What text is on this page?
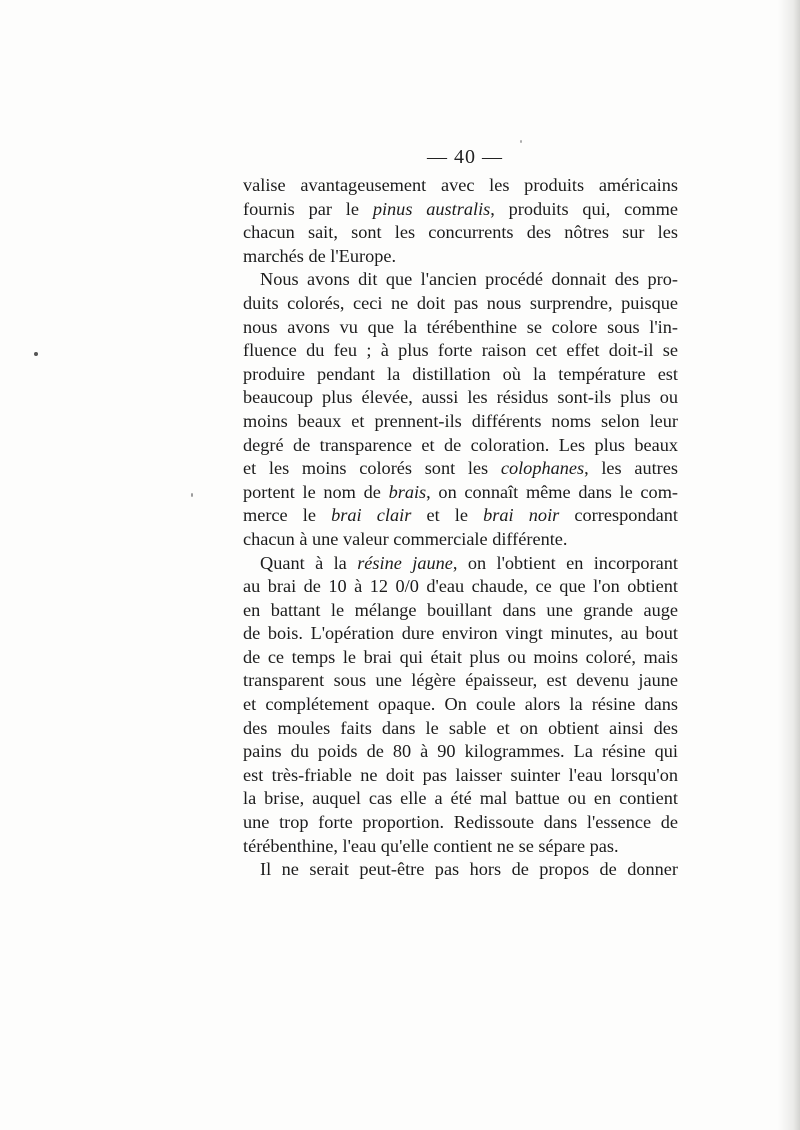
— 40 —
valise avantageusement avec les produits américains
fournis par le pinus australis, produits qui, comme
chacun sait, sont les concurrents des nôtres sur les
marchés de l'Europe.
Nous avons dit que l'ancien procédé donnait des pro-
duits colorés, ceci ne doit pas nous surprendre, puisque
nous avons vu que la térébenthine se colore sous l'in-
fluence du feu ; à plus forte raison cet effet doit-il se
produire pendant la distillation où la température est
beaucoup plus élevée, aussi les résidus sont-ils plus ou
moins beaux et prennent-ils différents noms selon leur
degré de transparence et de coloration. Les plus beaux
et les moins colorés sont les colophanes, les autres
portent le nom de brais, on connaît même dans le com-
merce le brai clair et le brai noir correspondant
chacun à une valeur commerciale différente.
Quant à la résine jaune, on l'obtient en incorporant
au brai de 10 à 12 0/0 d'eau chaude, ce que l'on obtient
en battant le mélange bouillant dans une grande auge
de bois. L'opération dure environ vingt minutes, au bout
de ce temps le brai qui était plus ou moins coloré, mais
transparent sous une légère épaisseur, est devenu jaune
et complétement opaque. On coule alors la résine dans
des moules faits dans le sable et on obtient ainsi des
pains du poids de 80 à 90 kilogrammes. La résine qui
est très-friable ne doit pas laisser suinter l'eau lorsqu'on
la brise, auquel cas elle a été mal battue ou en contient
une trop forte proportion. Redissoute dans l'essence de
térébenthine, l'eau qu'elle contient ne se sépare pas.
Il ne serait peut-être pas hors de propos de donner
